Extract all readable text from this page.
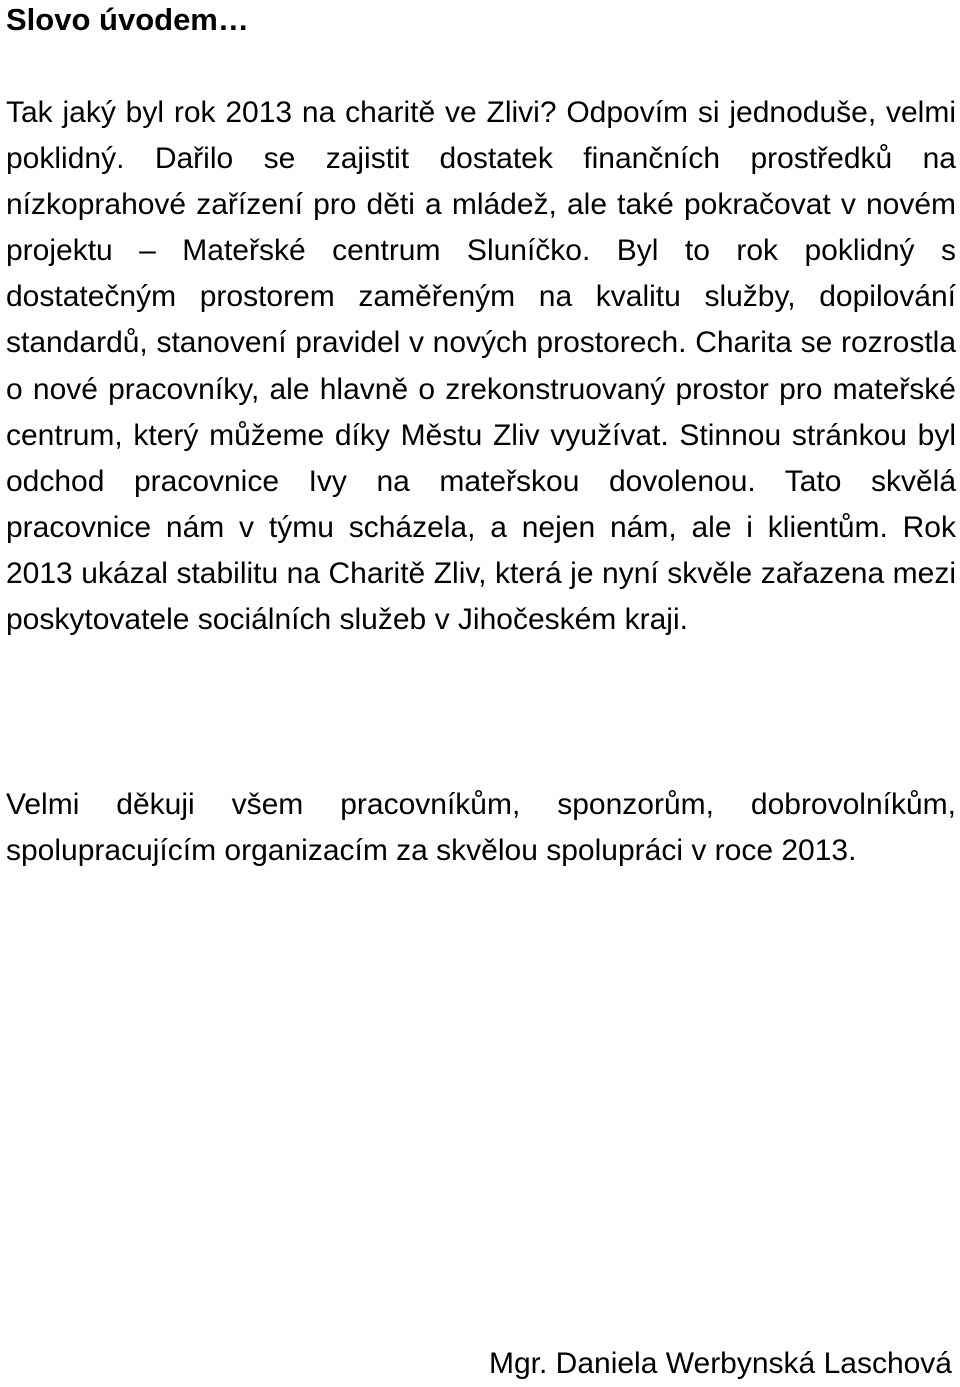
Slovo úvodem…

Tak jaký byl rok 2013 na charitě ve Zlivi? Odpovím si jednoduše, velmi poklidný. Dařilo se zajistit dostatek finančních prostředků na nízkoprahové zařízení pro děti a mládež, ale také pokračovat v novém projektu – Mateřské centrum Sluníčko. Byl to rok poklidný s dostatečným prostorem zaměřeným na kvalitu služby, dopilování standardů, stanovení pravidel v nových prostorech. Charita se rozrostla o nové pracovníky, ale hlavně o zrekonstruovaný prostor pro mateřské centrum, který můžeme díky Městu Zliv využívat. Stinnou stránkou byl odchod pracovnice Ivy na mateřskou dovolenou. Tato skvělá pracovnice nám v týmu scházela, a nejen nám, ale i klientům. Rok 2013 ukázal stabilitu na Charitě Zliv, která je nyní skvěle zařazena mezi poskytovatele sociálních služeb v Jihočeském kraji.

Velmi děkuji všem pracovníkům, sponzorům, dobrovolníkům, spolupracujícím organizacím za skvělou spolupráci v roce 2013.

Mgr. Daniela Werbynská Laschová
